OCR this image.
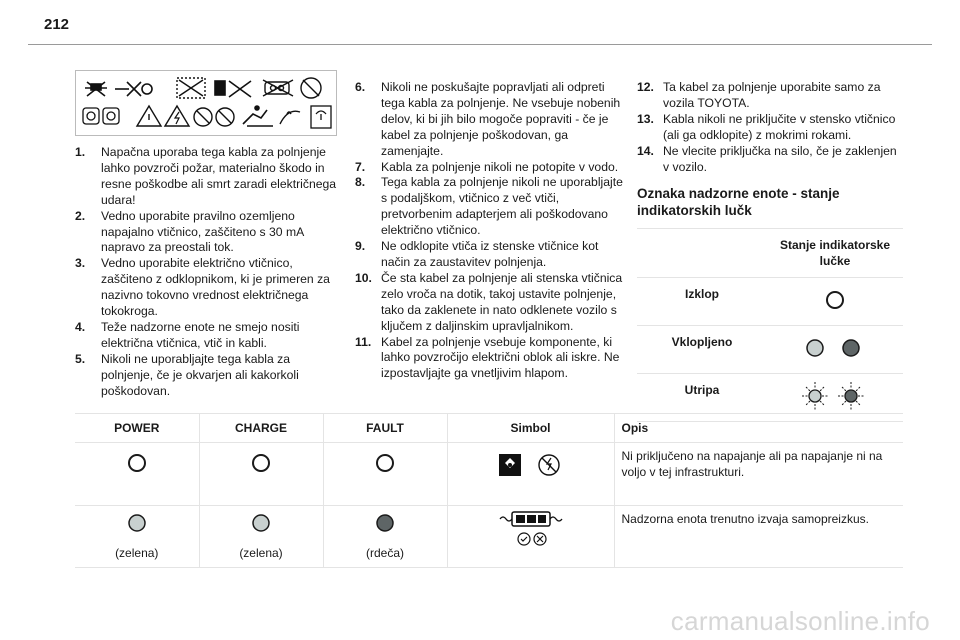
212
1.	Napačna uporaba tega kabla za polnjenje lahko povzroči požar, materialno škodo in resne poškodbe ali smrt zaradi električnega udara!
2.	Vedno uporabite pravilno ozemljeno napajalno vtičnico, zaščiteno s 30 mA napravo za preostali tok.
3.	Vedno uporabite električno vtičnico, zaščiteno z odklopnikom, ki je primeren za nazivno tokovno vrednost električnega tokokroga.
4.	Teže nadzorne enote ne smejo nositi električna vtičnica, vtič in kabli.
5.	Nikoli ne uporabljajte tega kabla za polnjenje, če je okvarjen ali kakorkoli poškodovan.
6.	Nikoli ne poskušajte popravljati ali odpreti tega kabla za polnjenje. Ne vsebuje nobenih delov, ki bi jih bilo mogoče popraviti - če je kabel za polnjenje poškodovan, ga zamenjajte.
7.	Kabla za polnjenje nikoli ne potopite v vodo.
8.	Tega kabla za polnjenje nikoli ne uporabljajte s podaljškom, vtičnico z več vtiči, pretvorbenim adapterjem ali poškodovano električno vtičnico.
9.	Ne odklopite vtiča iz stenske vtičnice kot način za zaustavitev polnjenja.
10. Če sta kabel za polnjenje ali stenska vtičnica zelo vroča na dotik, takoj ustavite polnjenje, tako da zaklenete in nato odklenete vozilo s ključem z daljinskim upravljalnikom.
11. Kabel za polnjenje vsebuje komponente, ki lahko povzročijo električni oblok ali iskre. Ne izpostavljajte ga vnetljivim hlapom.
12. Ta kabel za polnjenje uporabite samo za vozila TOYOTA.
13. Kabla nikoli ne priključite v stensko vtičnico (ali ga odklopite) z mokrimi rokami.
14. Ne vlecite priključka na silo, če je zaklenjen v vozilo.
Oznaka nadzorne enote - stanje indikatorskih lučk
	Stanje indikatorske lučke
Izklop	
Vklopljeno	
Utripa	
POWER	CHARGE	FAULT	Simbol	Opis
				Ni priključeno na napajanje ali pa napajanje ni na voljo v tej infrastrukturi.

(zelena)	(zelena)	(rdeča)		Nadzorna enota trenutno izvaja samopreizkus.
carmanualsonline.info
